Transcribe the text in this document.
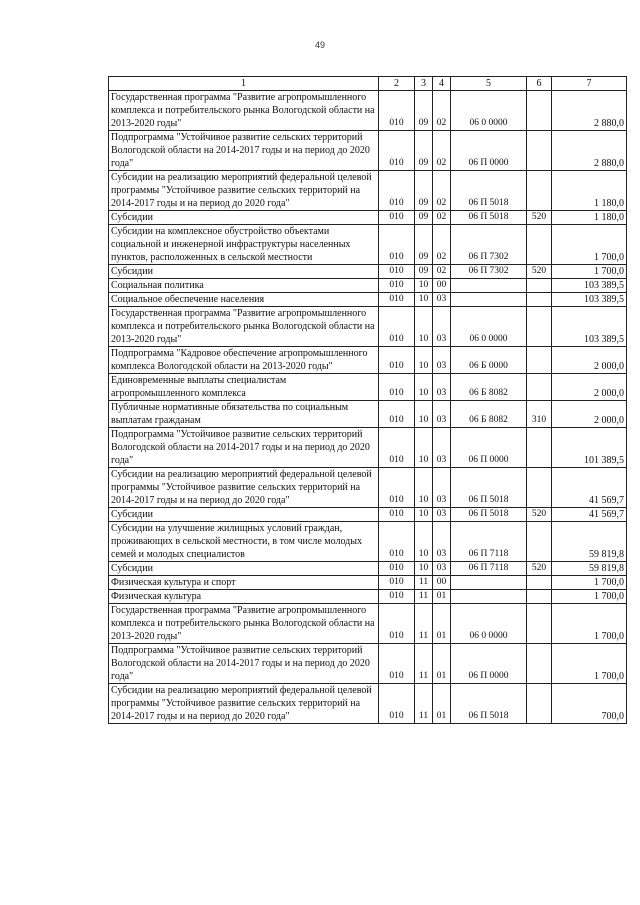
49
1	2	3	4	5	6	7
Государственная программа "Развитие агропромышленного комплекса и потребительского рынка Вологодской области на 2013-2020 годы"	010	09	02	06 0 0000		2 880,0
Подпрограмма "Устойчивое развитие сельских территорий Вологодской области на 2014-2017 годы и на период до 2020 года"	010	09	02	06 П 0000		2 880,0
Субсидии на реализацию мероприятий федеральной целевой программы "Устойчивое развитие сельских территорий на 2014-2017 годы и на период до 2020 года"	010	09	02	06 П 5018		1 180,0
Субсидии	010	09	02	06 П 5018	520	1 180,0
Субсидии на комплексное обустройство объектами социальной и инженерной инфраструктуры населенных пунктов, расположенных в сельской местности	010	09	02	06 П 7302		1 700,0
Субсидии	010	09	02	06 П 7302	520	1 700,0
Социальная политика	010	10	00			103 389,5
Социальное обеспечение населения	010	10	03			103 389,5
Государственная программа "Развитие агропромышленного комплекса и потребительского рынка Вологодской области на 2013-2020 годы"	010	10	03	06 0 0000		103 389,5
Подпрограмма "Кадровое обеспечение агропромышленного комплекса Вологодской области на 2013-2020 годы"	010	10	03	06 Б 0000		2 000,0
Единовременные выплаты специалистам агропромышленного комплекса	010	10	03	06 Б 8082		2 000,0
Публичные нормативные обязательства по социальным выплатам гражданам	010	10	03	06 Б 8082	310	2 000,0
Подпрограмма "Устойчивое развитие сельских территорий Вологодской области на 2014-2017 годы и на период до 2020 года"	010	10	03	06 П 0000		101 389,5
Субсидии на реализацию мероприятий федеральной целевой программы "Устойчивое развитие сельских территорий на 2014-2017 годы и на период до 2020 года"	010	10	03	06 П 5018		41 569,7
Субсидии	010	10	03	06 П 5018	520	41 569,7
Субсидии на улучшение жилищных условий граждан, проживающих в сельской местности, в том числе молодых семей и молодых специалистов	010	10	03	06 П 7118		59 819,8
Субсидии	010	10	03	06 П 7118	520	59 819,8
Физическая культура и спорт	010	11	00			1 700,0
Физическая культура	010	11	01			1 700,0
Государственная программа "Развитие агропромышленного комплекса и потребительского рынка Вологодской области на 2013-2020 годы"	010	11	01	06 0 0000		1 700,0
Подпрограмма "Устойчивое развитие сельских территорий Вологодской области на 2014-2017 годы и на период до 2020 года"	010	11	01	06 П 0000		1 700,0
Субсидии на реализацию мероприятий федеральной целевой программы "Устойчивое развитие сельских территорий на 2014-2017 годы и на период до 2020 года"	010	11	01	06 П 5018		700,0
